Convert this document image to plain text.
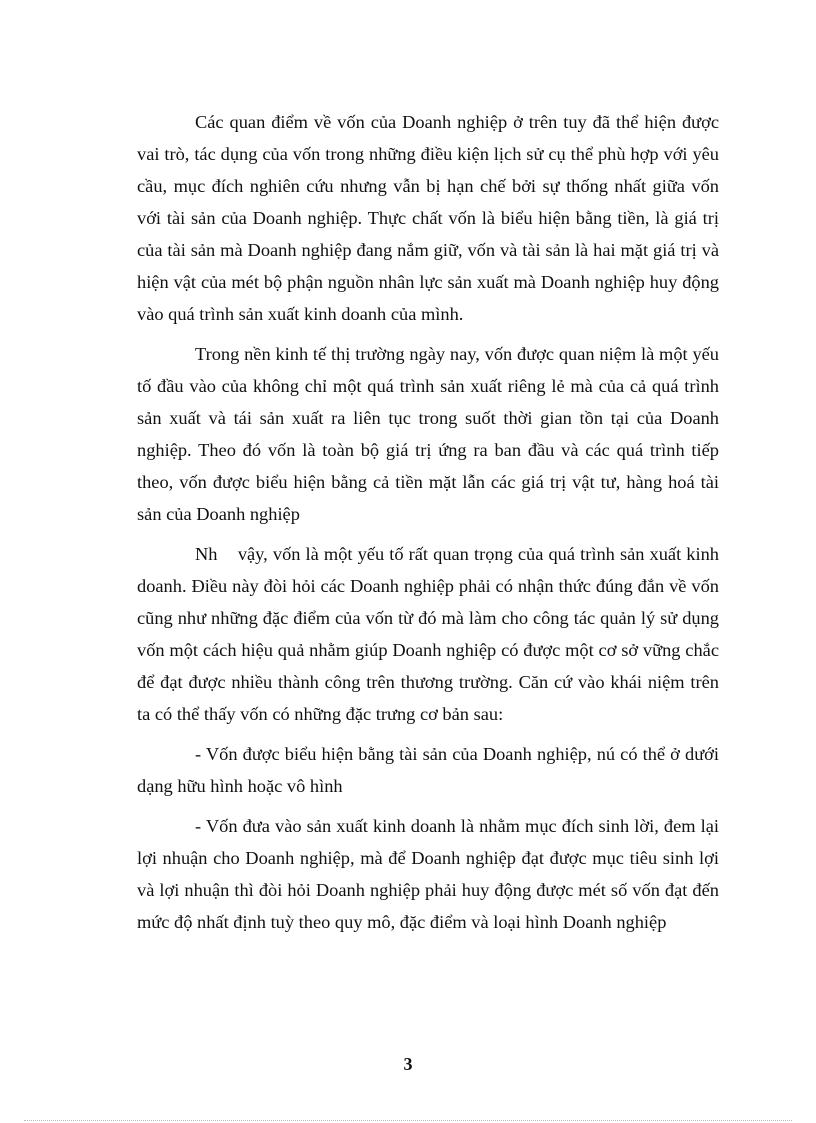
Các quan điểm về vốn của Doanh nghiệp ở trên tuy đã thể hiện được vai trò, tác dụng của vốn trong những điều kiện lịch sử cụ thể phù hợp với yêu cầu, mục đích nghiên cứu nhưng vẫn bị hạn chế bởi sự thống nhất giữa vốn với tài sản của Doanh nghiệp. Thực chất vốn là biểu hiện bằng tiền, là giá trị của tài sản mà Doanh nghiệp đang nắm giữ, vốn và tài sản là hai mặt giá trị và hiện vật của mét bộ phận nguồn nhân lực sản xuất mà Doanh nghiệp huy động vào quá trình sản xuất kinh doanh của mình.

Trong nền kinh tế thị trường ngày nay, vốn được quan niệm là một yếu tố đầu vào của không chỉ một quá trình sản xuất riêng lẻ mà của cả quá trình sản xuất và tái sản xuất ra liên tục trong suốt thời gian tồn tại của Doanh nghiệp. Theo đó vốn là toàn bộ giá trị ứng ra ban đầu và các quá trình tiếp theo, vốn được biểu hiện bằng cả tiền mặt lẫn các giá trị vật tư, hàng hoá tài sản của Doanh nghiệp

Nh    vậy, vốn là một yếu tố rất quan trọng của quá trình sản xuất kinh doanh. Điều này đòi hỏi các Doanh nghiệp phải có nhận thức đúng đắn về vốn cũng như những đặc điểm của vốn từ đó mà làm cho công tác quản lý sử dụng vốn một cách hiệu quả nhằm giúp Doanh nghiệp có được một cơ sở vững chắc để đạt được nhiều thành công trên thương trường. Căn cứ vào khái niệm trên ta có thể thấy vốn có những đặc trưng cơ bản sau:

- Vốn được biểu hiện bằng tài sản của Doanh nghiệp, nú có thể ở dưới dạng hữu hình hoặc vô hình

- Vốn đưa vào sản xuất kinh doanh là nhằm mục đích sinh lời, đem lại lợi nhuận cho Doanh nghiệp, mà để Doanh nghiệp đạt được mục tiêu sinh lợi và lợi nhuận thì đòi hỏi Doanh nghiệp phải huy động được mét số vốn đạt đến mức độ nhất định tuỳ theo quy mô, đặc điểm và loại hình Doanh nghiệp

3
